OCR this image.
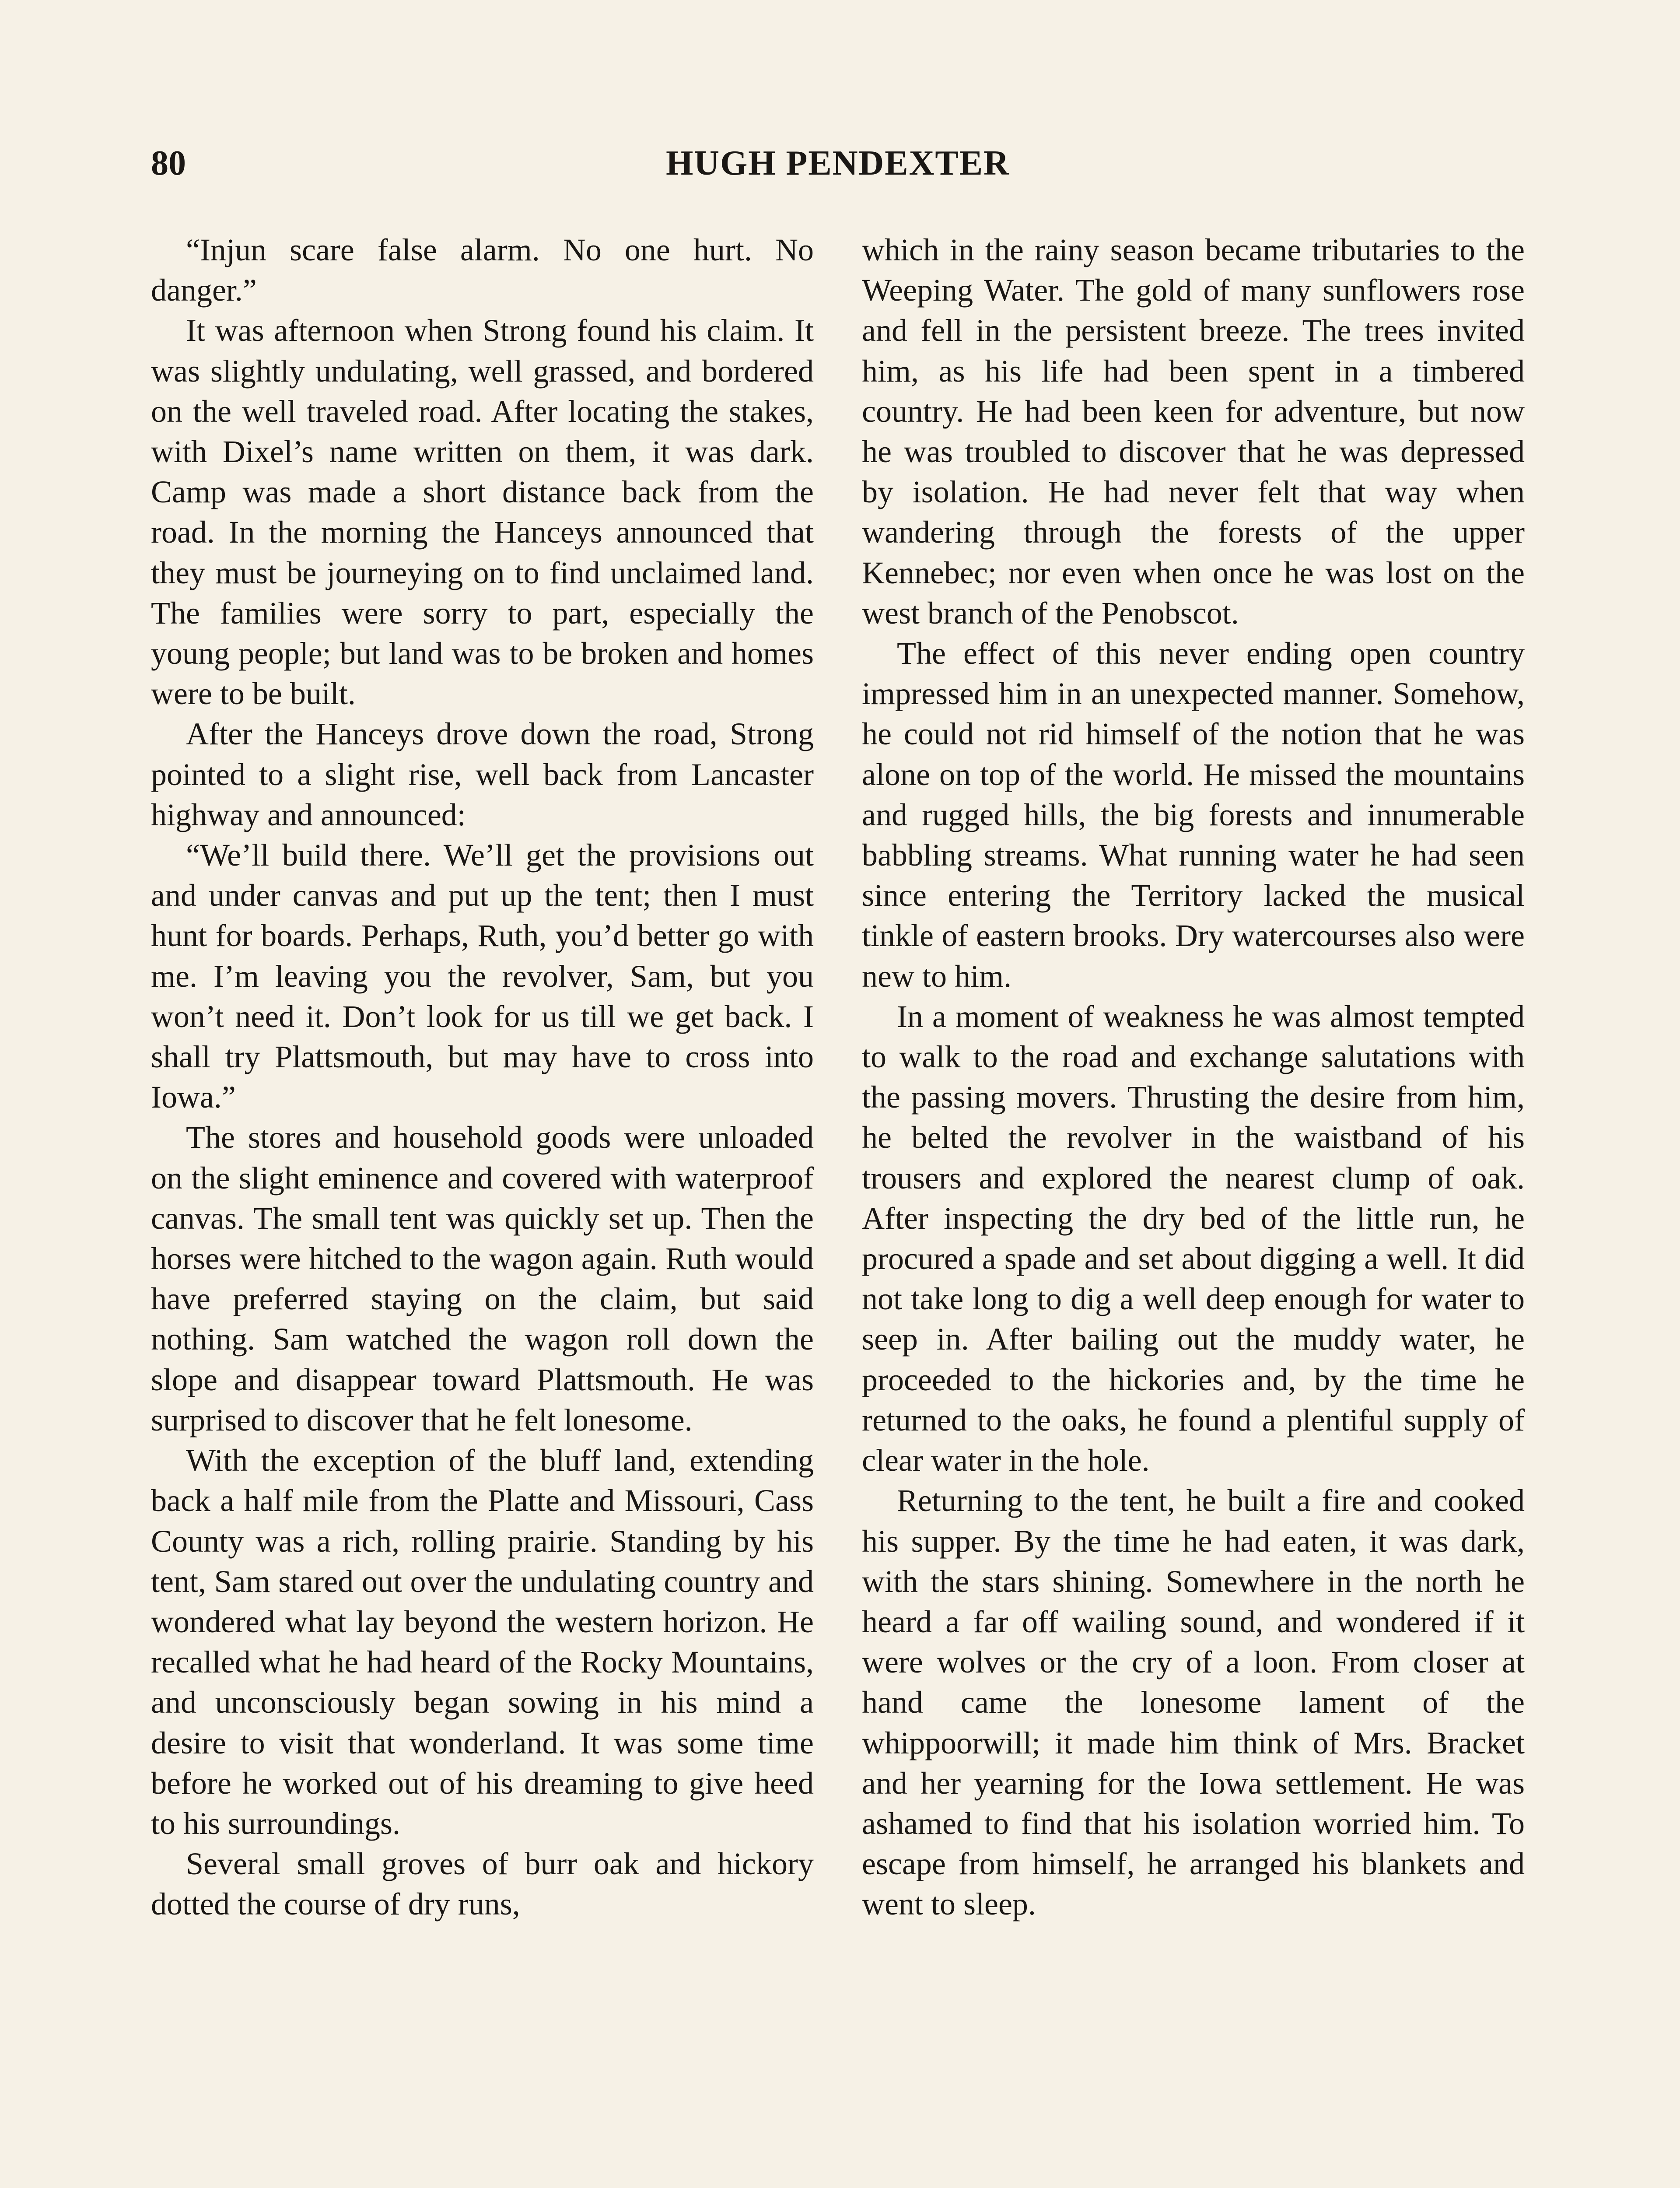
80	HUGH PENDEXTER

“Injun scare false alarm. No one hurt. No danger.”

It was afternoon when Strong found his claim. It was slightly undulating, well grassed, and bordered on the well traveled road. After locating the stakes, with Dixel’s name written on them, it was dark. Camp was made a short distance back from the road. In the morning the Hanceys announced that they must be journeying on to find unclaimed land. The families were sorry to part, especially the young people; but land was to be broken and homes were to be built.

After the Hanceys drove down the road, Strong pointed to a slight rise, well back from Lancaster highway and announced:

“We’ll build there. We’ll get the provisions out and under canvas and put up the tent; then I must hunt for boards. Perhaps, Ruth, you’d better go with me. I’m leaving you the revolver, Sam, but you won’t need it. Don’t look for us till we get back. I shall try Plattsmouth, but may have to cross into Iowa.”

The stores and household goods were unloaded on the slight eminence and covered with waterproof canvas. The small tent was quickly set up. Then the horses were hitched to the wagon again. Ruth would have preferred staying on the claim, but said nothing. Sam watched the wagon roll down the slope and disappear toward Plattsmouth. He was surprised to discover that he felt lonesome.

With the exception of the bluff land, extending back a half mile from the Platte and Missouri, Cass County was a rich, rolling prairie. Standing by his tent, Sam stared out over the undulating country and wondered what lay beyond the western horizon. He recalled what he had heard of the Rocky Mountains, and unconsciously began sowing in his mind a desire to visit that wonderland. It was some time before he worked out of his dreaming to give heed to his surroundings.

Several small groves of burr oak and hickory dotted the course of dry runs,

which in the rainy season became tributaries to the Weeping Water. The gold of many sunflowers rose and fell in the persistent breeze. The trees invited him, as his life had been spent in a timbered country. He had been keen for adventure, but now he was troubled to discover that he was depressed by isolation. He had never felt that way when wandering through the forests of the upper Kennebec; nor even when once he was lost on the west branch of the Penobscot.

The effect of this never ending open country impressed him in an unexpected manner. Somehow, he could not rid himself of the notion that he was alone on top of the world. He missed the mountains and rugged hills, the big forests and innumerable babbling streams. What running water he had seen since entering the Territory lacked the musical tinkle of eastern brooks. Dry watercourses also were new to him.

In a moment of weakness he was almost tempted to walk to the road and exchange salutations with the passing movers. Thrusting the desire from him, he belted the revolver in the waistband of his trousers and explored the nearest clump of oak. After inspecting the dry bed of the little run, he procured a spade and set about digging a well. It did not take long to dig a well deep enough for water to seep in. After bailing out the muddy water, he proceeded to the hickories and, by the time he returned to the oaks, he found a plentiful supply of clear water in the hole.

Returning to the tent, he built a fire and cooked his supper. By the time he had eaten, it was dark, with the stars shining. Somewhere in the north he heard a far off wailing sound, and wondered if it were wolves or the cry of a loon. From closer at hand came the lonesome lament of the whippoorwill; it made him think of Mrs. Bracket and her yearning for the Iowa settlement. He was ashamed to find that his isolation worried him. To escape from himself, he arranged his blankets and went to sleep.
